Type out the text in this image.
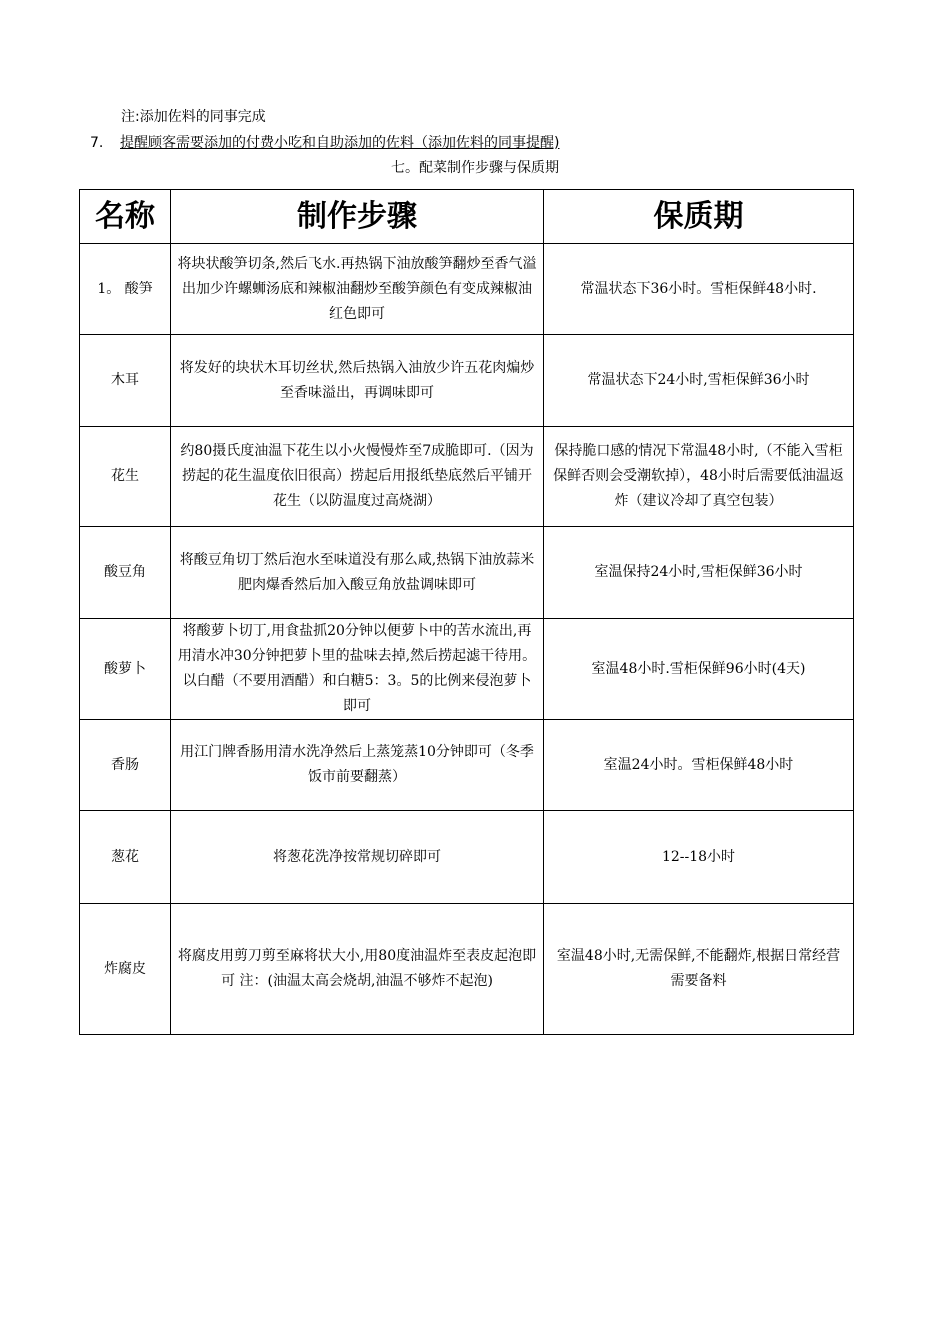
注:添加佐料的同事完成
7. 提醒顾客需要添加的付费小吃和自助添加的佐料（添加佐料的同事提醒)
七。配菜制作步骤与保质期
名称	制作步骤	保质期
1。 酸笋	将块状酸笋切条,然后飞水.再热锅下油放酸笋翻炒至香气溢出加少许螺蛳汤底和辣椒油翻炒至酸笋颜色有变成辣椒油红色即可	常温状态下36小时。雪柜保鲜48小时.
木耳	将发好的块状木耳切丝状,然后热锅入油放少许五花肉煸炒至香味溢出，再调味即可	常温状态下24小时,雪柜保鲜36小时
花生	约80摄氏度油温下花生以小火慢慢炸至7成脆即可.（因为捞起的花生温度依旧很高）捞起后用报纸垫底然后平铺开花生（以防温度过高烧湖）	保持脆口感的情况下常温48小时,（不能入雪柜保鲜否则会受潮软掉），48小时后需要低油温返炸（建议冷却了真空包装）
酸豆角	将酸豆角切丁然后泡水至味道没有那么咸,热锅下油放蒜米肥肉爆香然后加入酸豆角放盐调味即可	室温保持24小时,雪柜保鲜36小时
酸萝卜	将酸萝卜切丁,用食盐抓20分钟以便萝卜中的苦水流出,再用清水冲30分钟把萝卜里的盐味去掉,然后捞起滤干待用。以白醋（不要用酒醋）和白糖5：3。5的比例来侵泡萝卜即可	室温48小时.雪柜保鲜96小时(4天)
香肠	用江门牌香肠用清水洗净然后上蒸笼蒸10分钟即可（冬季饭市前要翻蒸）	室温24小时。雪柜保鲜48小时
葱花	将葱花洗净按常规切碎即可	12--18小时
炸腐皮	将腐皮用剪刀剪至麻将状大小,用80度油温炸至表皮起泡即可 注：(油温太高会烧胡,油温不够炸不起泡)	室温48小时,无需保鲜,不能翻炸,根据日常经营需要备料
